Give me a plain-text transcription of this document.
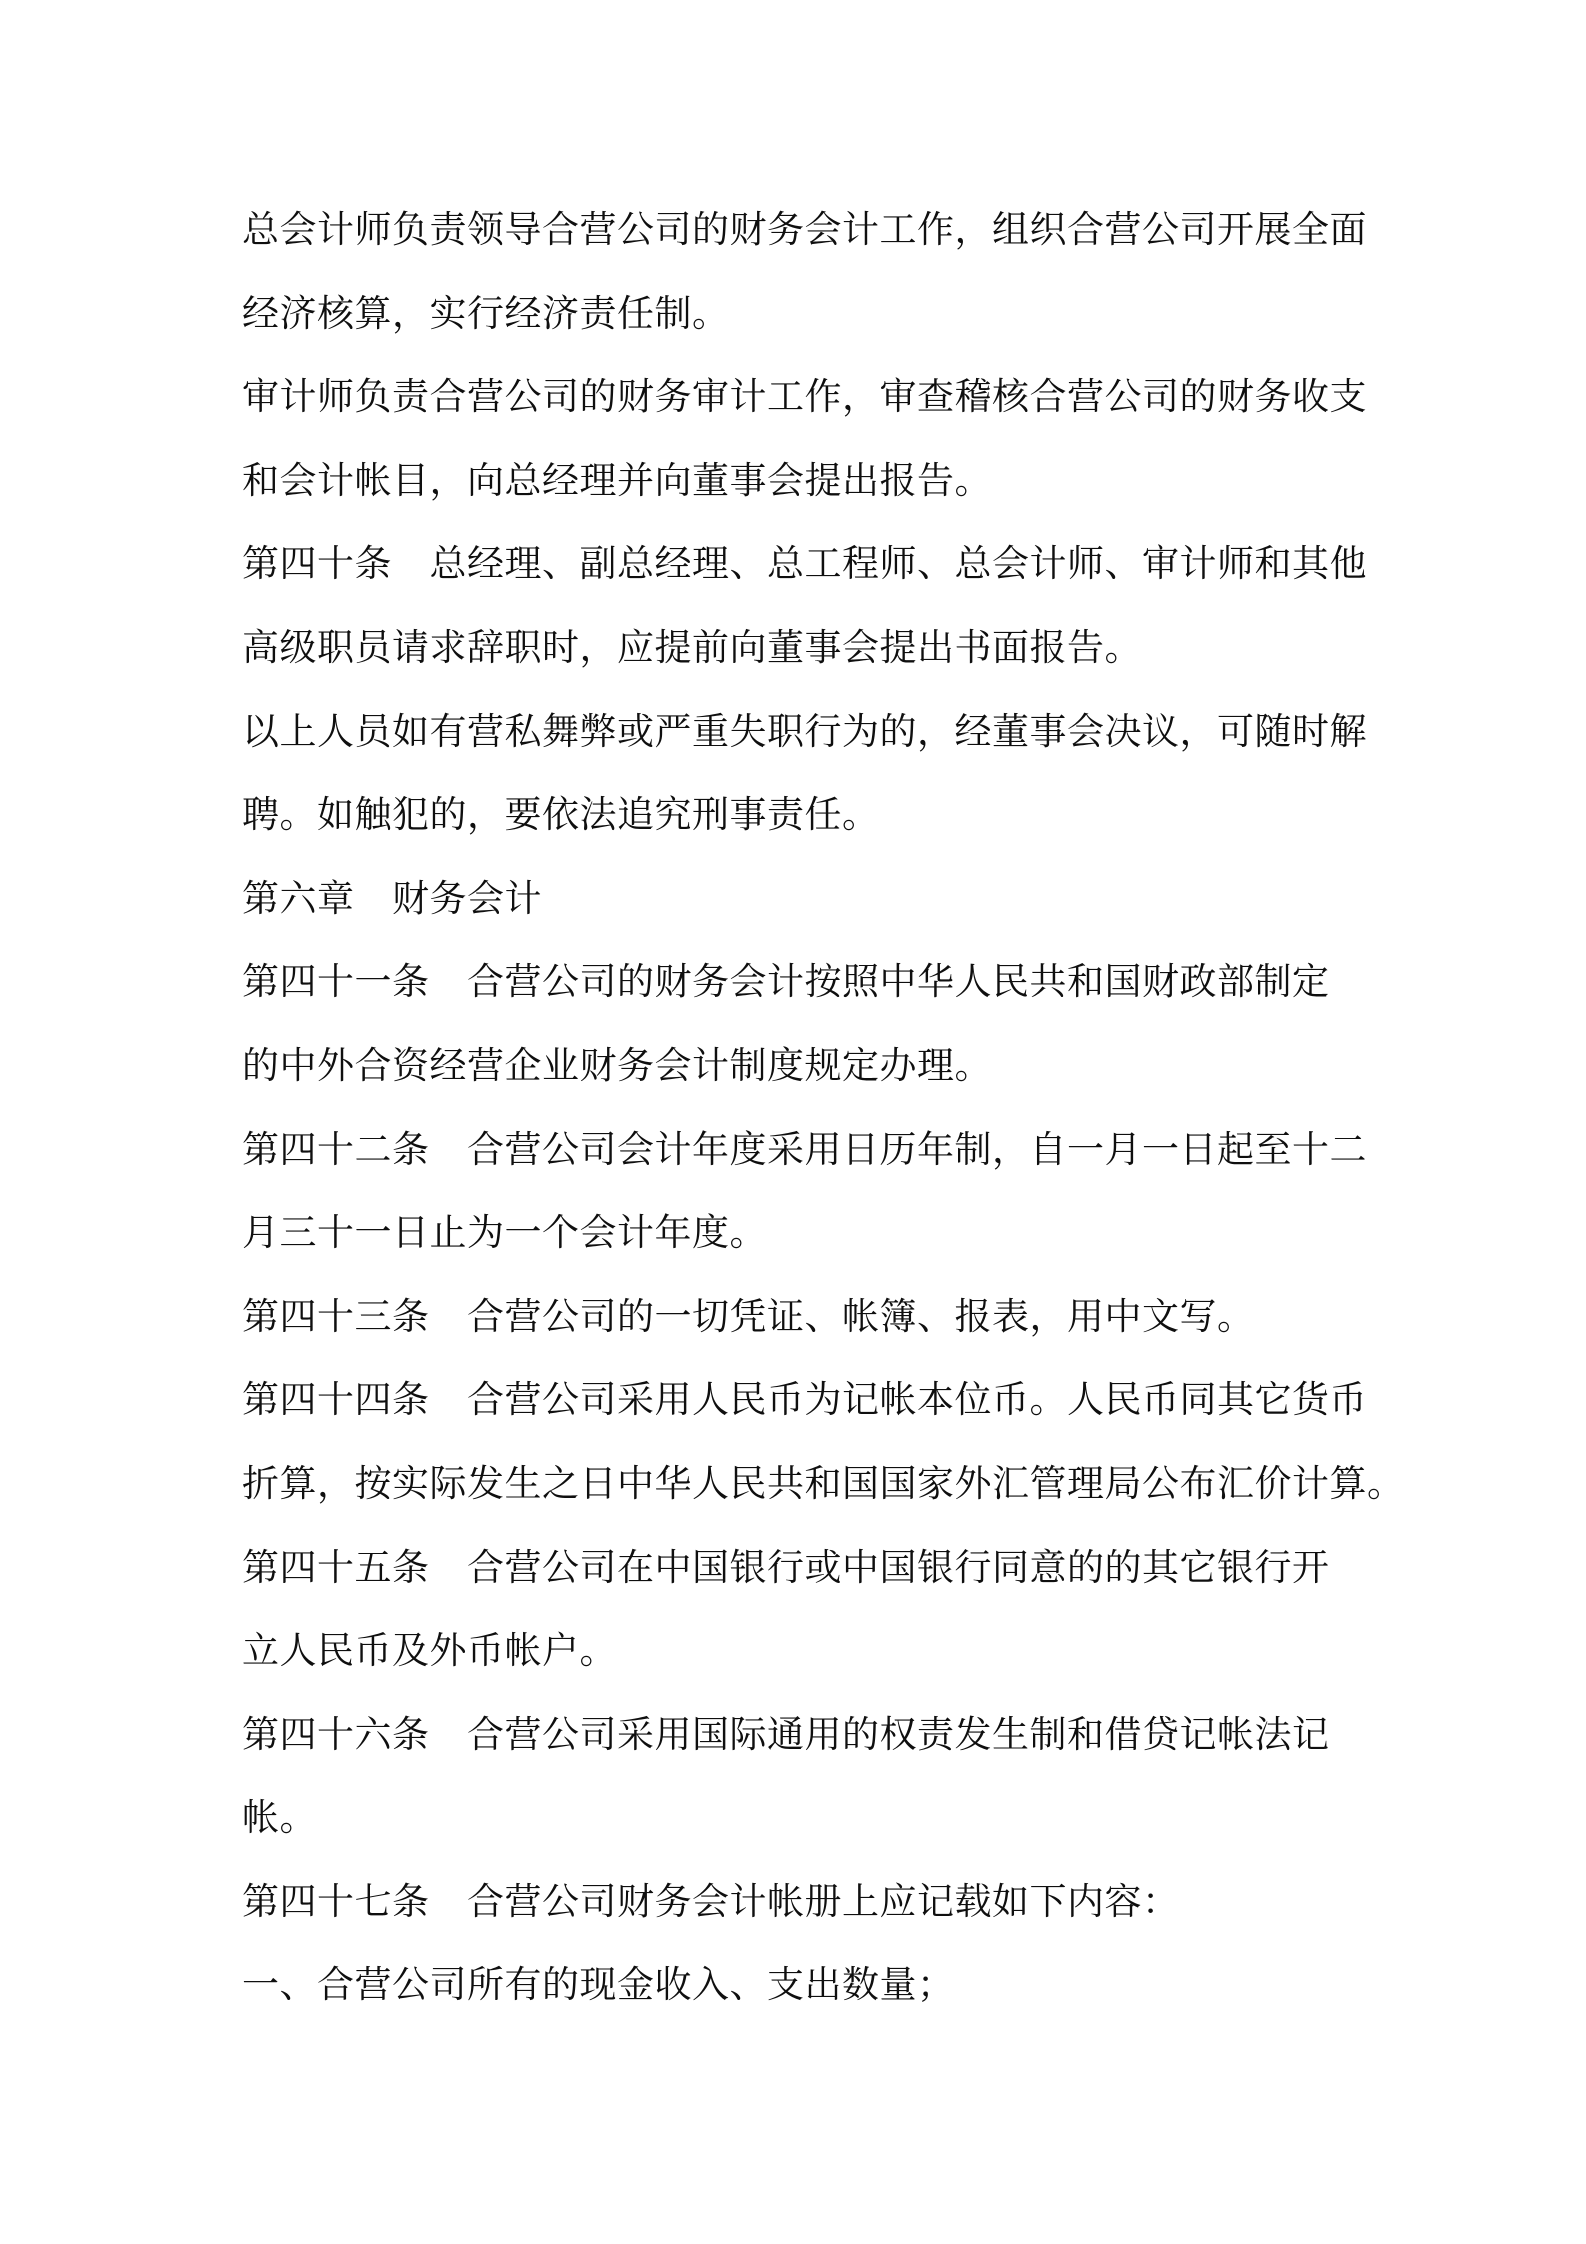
总会计师负责领导合营公司的财务会计工作，组织合营公司开展全面
经济核算，实行经济责任制。
审计师负责合营公司的财务审计工作，审查稽核合营公司的财务收支
和会计帐目，向总经理并向董事会提出报告。
第四十条　总经理、副总经理、总工程师、总会计师、审计师和其他
高级职员请求辞职时，应提前向董事会提出书面报告。
以上人员如有营私舞弊或严重失职行为的，经董事会决议，可随时解
聘。如触犯的，要依法追究刑事责任。
第六章　财务会计
第四十一条　合营公司的财务会计按照中华人民共和国财政部制定
的中外合资经营企业财务会计制度规定办理。
第四十二条　合营公司会计年度采用日历年制，自一月一日起至十二
月三十一日止为一个会计年度。
第四十三条　合营公司的一切凭证、帐簿、报表，用中文写。
第四十四条　合营公司采用人民币为记帐本位币。人民币同其它货币
折算，按实际发生之日中华人民共和国国家外汇管理局公布汇价计算。
第四十五条　合营公司在中国银行或中国银行同意的的其它银行开
立人民币及外币帐户。
第四十六条　合营公司采用国际通用的权责发生制和借贷记帐法记
帐。
第四十七条　合营公司财务会计帐册上应记载如下内容：
一、合营公司所有的现金收入、支出数量；
